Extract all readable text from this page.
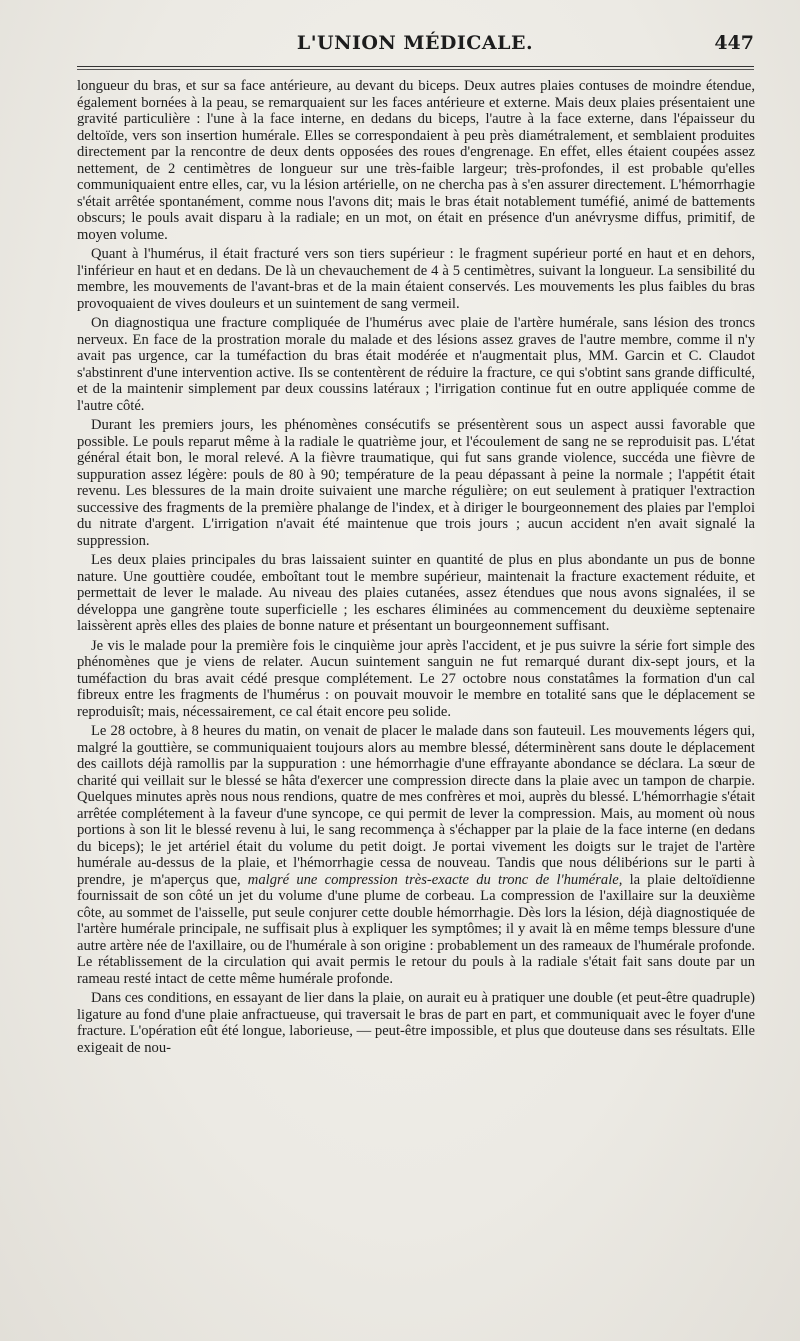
L'UNION MÉDICALE.	447

longueur du bras, et sur sa face antérieure, au devant du biceps. Deux autres plaies contuses de moindre étendue, également bornées à la peau, se remarquaient sur les faces antérieure et externe. Mais deux plaies présentaient une gravité particulière : l'une à la face interne, en dedans du biceps, l'autre à la face externe, dans l'épaisseur du deltoïde, vers son insertion humérale. Elles se correspondaient à peu près diamétralement, et semblaient produites directement par la rencontre de deux dents opposées des roues d'engrenage. En effet, elles étaient coupées assez nettement, de 2 centimètres de longueur sur une très-faible largeur; très-profondes, il est probable qu'elles communiquaient entre elles, car, vu la lésion artérielle, on ne chercha pas à s'en assurer directement. L'hémorrhagie s'était arrêtée spontanément, comme nous l'avons dit; mais le bras était notablement tuméfié, animé de battements obscurs; le pouls avait disparu à la radiale; en un mot, on était en présence d'un anévrysme diffus, primitif, de moyen volume.

Quant à l'humérus, il était fracturé vers son tiers supérieur : le fragment supérieur porté en haut et en dehors, l'inférieur en haut et en dedans. De là un chevauchement de 4 à 5 centimètres, suivant la longueur. La sensibilité du membre, les mouvements de l'avant-bras et de la main étaient conservés. Les mouvements les plus faibles du bras provoquaient de vives douleurs et un suintement de sang vermeil.

On diagnostiqua une fracture compliquée de l'humérus avec plaie de l'artère humérale, sans lésion des troncs nerveux. En face de la prostration morale du malade et des lésions assez graves de l'autre membre, comme il n'y avait pas urgence, car la tuméfaction du bras était modérée et n'augmentait plus, MM. Garcin et C. Claudot s'abstinrent d'une intervention active. Ils se contentèrent de réduire la fracture, ce qui s'obtint sans grande difficulté, et de la maintenir simplement par deux coussins latéraux ; l'irrigation continue fut en outre appliquée comme de l'autre côté.

Durant les premiers jours, les phénomènes consécutifs se présentèrent sous un aspect aussi favorable que possible. Le pouls reparut même à la radiale le quatrième jour, et l'écoulement de sang ne se reproduisit pas. L'état général était bon, le moral relevé. A la fièvre traumatique, qui fut sans grande violence, succéda une fièvre de suppuration assez légère: pouls de 80 à 90; température de la peau dépassant à peine la normale ; l'appétit était revenu. Les blessures de la main droite suivaient une marche régulière; on eut seulement à pratiquer l'extraction successive des fragments de la première phalange de l'index, et à diriger le bourgeonnement des plaies par l'emploi du nitrate d'argent. L'irrigation n'avait été maintenue que trois jours ; aucun accident n'en avait signalé la suppression.

Les deux plaies principales du bras laissaient suinter en quantité de plus en plus abondante un pus de bonne nature. Une gouttière coudée, emboîtant tout le membre supérieur, maintenait la fracture exactement réduite, et permettait de lever le malade. Au niveau des plaies cutanées, assez étendues que nous avons signalées, il se développa une gangrène toute superficielle ; les eschares éliminées au commencement du deuxième septenaire laissèrent après elles des plaies de bonne nature et présentant un bourgeonnement suffisant.

Je vis le malade pour la première fois le cinquième jour après l'accident, et je pus suivre la série fort simple des phénomènes que je viens de relater. Aucun suintement sanguin ne fut remarqué durant dix-sept jours, et la tuméfaction du bras avait cédé presque complétement. Le 27 octobre nous constatâmes la formation d'un cal fibreux entre les fragments de l'humérus : on pouvait mouvoir le membre en totalité sans que le déplacement se reproduisît; mais, nécessairement, ce cal était encore peu solide.

Le 28 octobre, à 8 heures du matin, on venait de placer le malade dans son fauteuil. Les mouvements légers qui, malgré la gouttière, se communiquaient toujours alors au membre blessé, déterminèrent sans doute le déplacement des caillots déjà ramollis par la suppuration : une hémorrhagie d'une effrayante abondance se déclara. La sœur de charité qui veillait sur le blessé se hâta d'exercer une compression directe dans la plaie avec un tampon de charpie. Quelques minutes après nous nous rendions, quatre de mes confrères et moi, auprès du blessé. L'hémorrhagie s'était arrêtée complétement à la faveur d'une syncope, ce qui permit de lever la compression. Mais, au moment où nous portions à son lit le blessé revenu à lui, le sang recommença à s'échapper par la plaie de la face interne (en dedans du biceps); le jet artériel était du volume du petit doigt. Je portai vivement les doigts sur le trajet de l'artère humérale au-dessus de la plaie, et l'hémorrhagie cessa de nouveau. Tandis que nous délibérions sur le parti à prendre, je m'aperçus que, malgré une compression très-exacte du tronc de l'humérale, la plaie deltoïdienne fournissait de son côté un jet du volume d'une plume de corbeau. La compression de l'axillaire sur la deuxième côte, au sommet de l'aisselle, put seule conjurer cette double hémorrhagie. Dès lors la lésion, déjà diagnostiquée de l'artère humérale principale, ne suffisait plus à expliquer les symptômes; il y avait là en même temps blessure d'une autre artère née de l'axillaire, ou de l'humérale à son origine : probablement un des rameaux de l'humérale profonde. Le rétablissement de la circulation qui avait permis le retour du pouls à la radiale s'était fait sans doute par un rameau resté intact de cette même humérale profonde.

Dans ces conditions, en essayant de lier dans la plaie, on aurait eu à pratiquer une double (et peut-être quadruple) ligature au fond d'une plaie anfractueuse, qui traversait le bras de part en part, et communiquait avec le foyer d'une fracture. L'opération eût été longue, laborieuse, — peut-être impossible, et plus que douteuse dans ses résultats. Elle exigeait de nou-
